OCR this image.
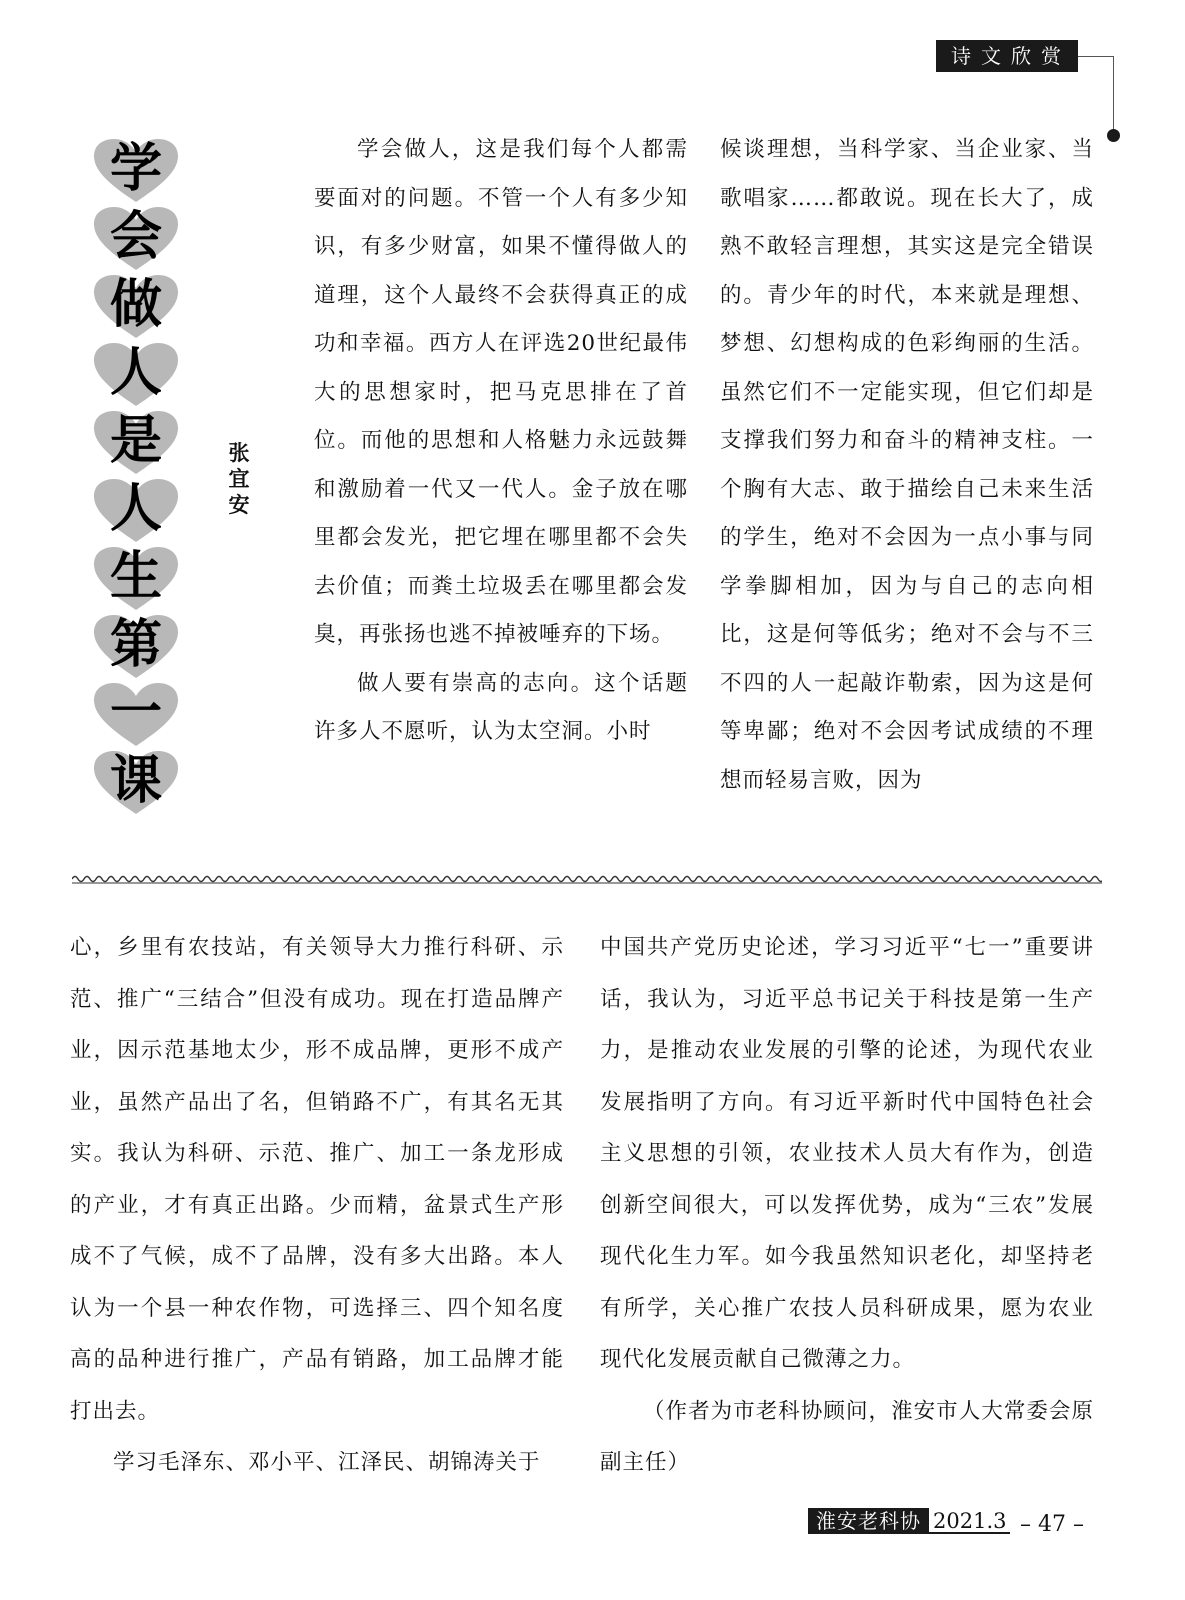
诗文欣赏
学
会
做
人
是
人
生
第
一
课
张宜安

学会做人，这是我们每个人都需要面对的问题。不管一个人有多少知识，有多少财富，如果不懂得做人的道理，这个人最终不会获得真正的成功和幸福。西方人在评选20世纪最伟大的思想家时，把马克思排在了首位。而他的思想和人格魅力永远鼓舞和激励着一代又一代人。金子放在哪里都会发光，把它埋在哪里都不会失去价值；而粪土垃圾丢在哪里都会发臭，再张扬也逃不掉被唾弃的下场。

做人要有崇高的志向。这个话题许多人不愿听，认为太空洞。小时

候谈理想，当科学家、当企业家、当歌唱家……都敢说。现在长大了，成熟不敢轻言理想，其实这是完全错误的。青少年的时代，本来就是理想、梦想、幻想构成的色彩绚丽的生活。虽然它们不一定能实现，但它们却是支撑我们努力和奋斗的精神支柱。一个胸有大志、敢于描绘自己未来生活的学生，绝对不会因为一点小事与同学拳脚相加，因为与自己的志向相比，这是何等低劣；绝对不会与不三不四的人一起敲诈勒索，因为这是何等卑鄙；绝对不会因考试成绩的不理想而轻易言败，因为

心，乡里有农技站，有关领导大力推行科研、示范、推广“三结合”但没有成功。现在打造品牌产业，因示范基地太少，形不成品牌，更形不成产业，虽然产品出了名，但销路不广，有其名无其实。我认为科研、示范、推广、加工一条龙形成的产业，才有真正出路。少而精，盆景式生产形成不了气候，成不了品牌，没有多大出路。本人认为一个县一种农作物，可选择三、四个知名度高的品种进行推广，产品有销路，加工品牌才能打出去。

学习毛泽东、邓小平、江泽民、胡锦涛关于

中国共产党历史论述，学习习近平“七一”重要讲话，我认为，习近平总书记关于科技是第一生产力，是推动农业发展的引擎的论述，为现代农业发展指明了方向。有习近平新时代中国特色社会主义思想的引领，农业技术人员大有作为，创造创新空间很大，可以发挥优势，成为“三农”发展现代化生力军。如今我虽然知识老化，却坚持老有所学，关心推广农技人员科研成果，愿为农业现代化发展贡献自己微薄之力。

（作者为市老科协顾问，淮安市人大常委会原副主任）

淮安老科协 2021.3 – 47 –
